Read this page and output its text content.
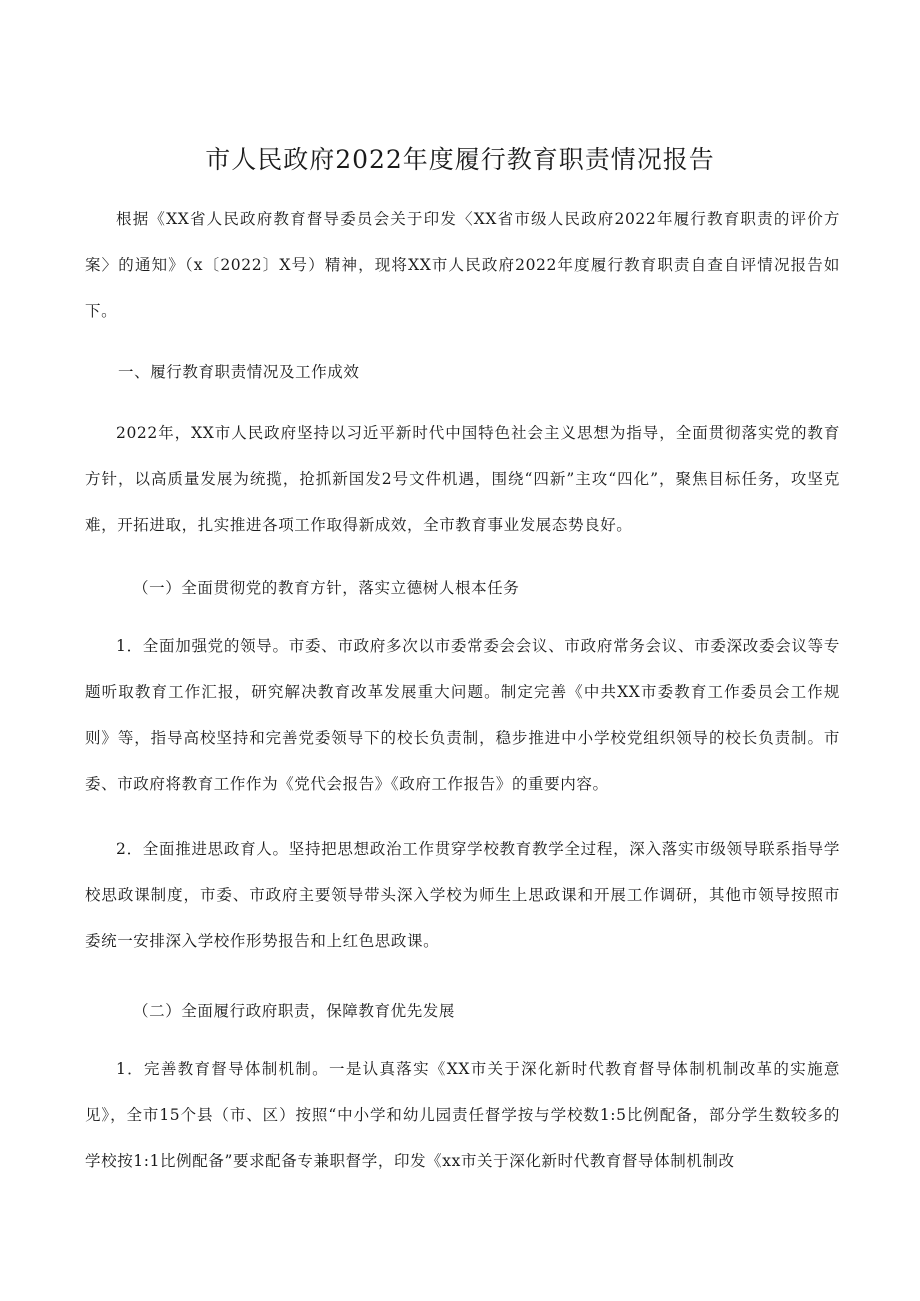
市人民政府2022年度履行教育职责情况报告

根据《XX省人民政府教育督导委员会关于印发〈XX省市级人民政府2022年履行教育职责的评价方案〉的通知》（x〔2022〕X号）精神，现将XX市人民政府2022年度履行教育职责自查自评情况报告如下。

一、履行教育职责情况及工作成效

2022年，XX市人民政府坚持以习近平新时代中国特色社会主义思想为指导，全面贯彻落实党的教育方针，以高质量发展为统揽，抢抓新国发2号文件机遇，围绕“四新”主攻“四化”，聚焦目标任务，攻坚克难，开拓进取，扎实推进各项工作取得新成效，全市教育事业发展态势良好。

（一）全面贯彻党的教育方针，落实立德树人根本任务

1．全面加强党的领导。市委、市政府多次以市委常委会会议、市政府常务会议、市委深改委会议等专题听取教育工作汇报，研究解决教育改革发展重大问题。制定完善《中共XX市委教育工作委员会工作规则》等，指导高校坚持和完善党委领导下的校长负责制，稳步推进中小学校党组织领导的校长负责制。市委、市政府将教育工作作为《党代会报告》《政府工作报告》的重要内容。

2．全面推进思政育人。坚持把思想政治工作贯穿学校教育教学全过程，深入落实市级领导联系指导学校思政课制度，市委、市政府主要领导带头深入学校为师生上思政课和开展工作调研，其他市领导按照市委统一安排深入学校作形势报告和上红色思政课。

（二）全面履行政府职责，保障教育优先发展

1．完善教育督导体制机制。一是认真落实《XX市关于深化新时代教育督导体制机制改革的实施意见》，全市15个县（市、区）按照“中小学和幼儿园责任督学按与学校数1:5比例配备，部分学生数较多的学校按1:1比例配备”要求配备专兼职督学，印发《xx市关于深化新时代教育督导体制机制改
